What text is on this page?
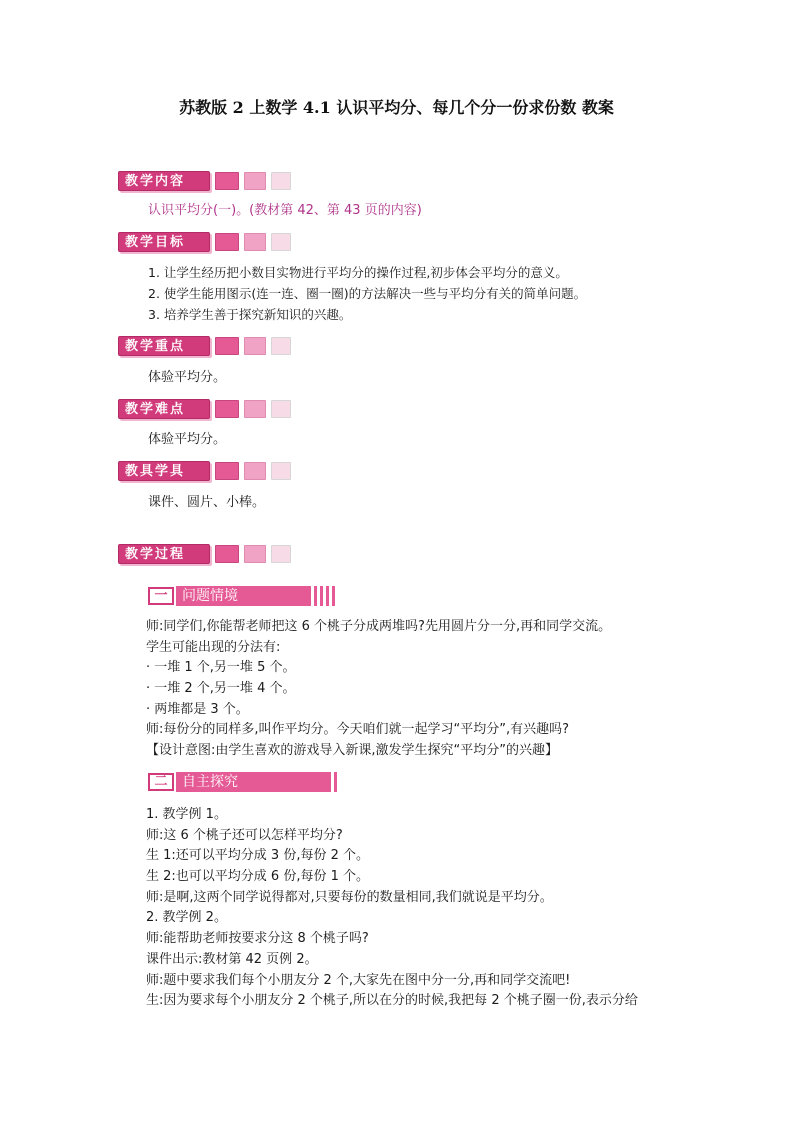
苏教版 2 上数学 4.1 认识平均分、每几个分一份求份数 教案
教学内容
认识平均分(一)。(教材第 42、第 43 页的内容)
教学目标
1. 让学生经历把小数目实物进行平均分的操作过程,初步体会平均分的意义。
2. 使学生能用图示(连一连、圈一圈)的方法解决一些与平均分有关的简单问题。
3. 培养学生善于探究新知识的兴趣。
教学重点
体验平均分。
教学难点
体验平均分。
教具学具
课件、圆片、小棒。
教学过程
一	问题情境
师:同学们,你能帮老师把这 6 个桃子分成两堆吗?先用圆片分一分,再和同学交流。
学生可能出现的分法有:
· 一堆 1 个,另一堆 5 个。
· 一堆 2 个,另一堆 4 个。
· 两堆都是 3 个。
师:每份分的同样多,叫作平均分。今天咱们就一起学习“平均分”,有兴趣吗?
【设计意图:由学生喜欢的游戏导入新课,激发学生探究“平均分”的兴趣】
二	自主探究
1. 教学例 1。
师:这 6 个桃子还可以怎样平均分?
生 1:还可以平均分成 3 份,每份 2 个。
生 2:也可以平均分成 6 份,每份 1 个。
师:是啊,这两个同学说得都对,只要每份的数量相同,我们就说是平均分。
2. 教学例 2。
师:能帮助老师按要求分这 8 个桃子吗?
课件出示:教材第 42 页例 2。
师:题中要求我们每个小朋友分 2 个,大家先在图中分一分,再和同学交流吧!
生:因为要求每个小朋友分 2 个桃子,所以在分的时候,我把每 2 个桃子圈一份,表示分给
